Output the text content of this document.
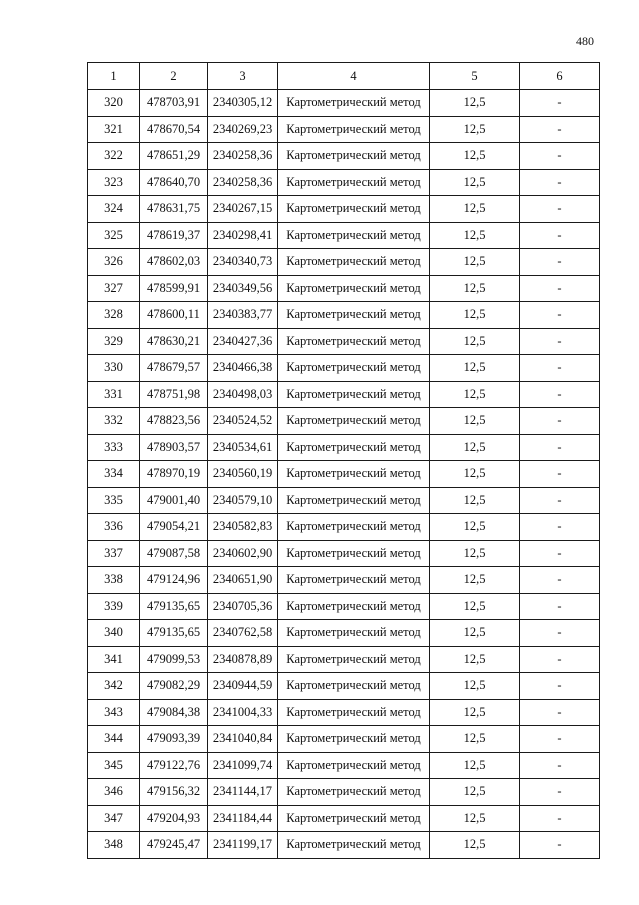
480
1	2	3	4	5	6
320	478703,91	2340305,12	Картометрический метод	12,5	-
321	478670,54	2340269,23	Картометрический метод	12,5	-
322	478651,29	2340258,36	Картометрический метод	12,5	-
323	478640,70	2340258,36	Картометрический метод	12,5	-
324	478631,75	2340267,15	Картометрический метод	12,5	-
325	478619,37	2340298,41	Картометрический метод	12,5	-
326	478602,03	2340340,73	Картометрический метод	12,5	-
327	478599,91	2340349,56	Картометрический метод	12,5	-
328	478600,11	2340383,77	Картометрический метод	12,5	-
329	478630,21	2340427,36	Картометрический метод	12,5	-
330	478679,57	2340466,38	Картометрический метод	12,5	-
331	478751,98	2340498,03	Картометрический метод	12,5	-
332	478823,56	2340524,52	Картометрический метод	12,5	-
333	478903,57	2340534,61	Картометрический метод	12,5	-
334	478970,19	2340560,19	Картометрический метод	12,5	-
335	479001,40	2340579,10	Картометрический метод	12,5	-
336	479054,21	2340582,83	Картометрический метод	12,5	-
337	479087,58	2340602,90	Картометрический метод	12,5	-
338	479124,96	2340651,90	Картометрический метод	12,5	-
339	479135,65	2340705,36	Картометрический метод	12,5	-
340	479135,65	2340762,58	Картометрический метод	12,5	-
341	479099,53	2340878,89	Картометрический метод	12,5	-
342	479082,29	2340944,59	Картометрический метод	12,5	-
343	479084,38	2341004,33	Картометрический метод	12,5	-
344	479093,39	2341040,84	Картометрический метод	12,5	-
345	479122,76	2341099,74	Картометрический метод	12,5	-
346	479156,32	2341144,17	Картометрический метод	12,5	-
347	479204,93	2341184,44	Картометрический метод	12,5	-
348	479245,47	2341199,17	Картометрический метод	12,5	-
